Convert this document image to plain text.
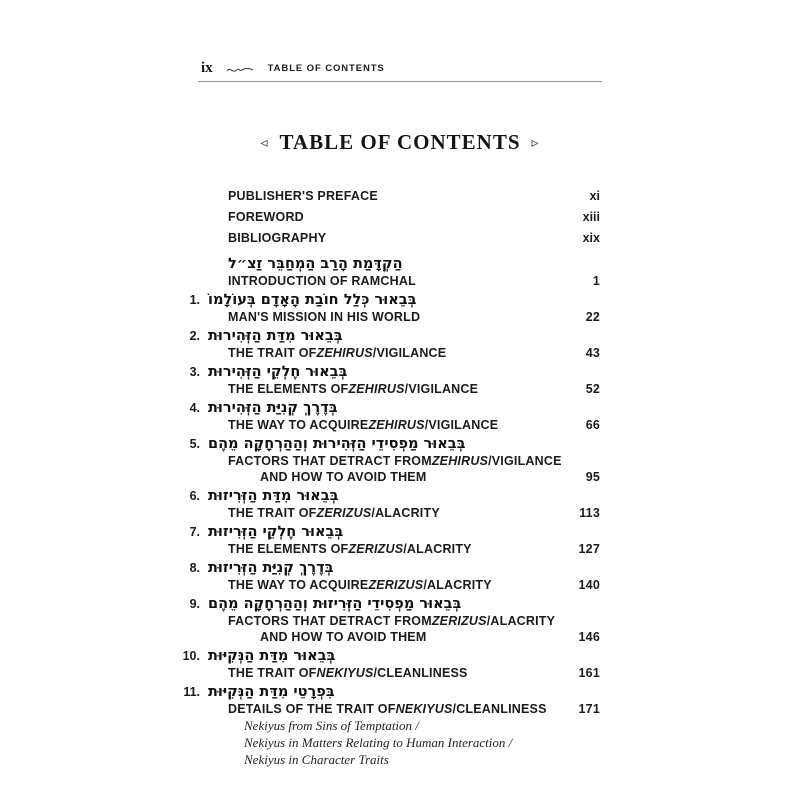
ix	TABLE OF CONTENTS
◃ TABLE OF CONTENTS ▹
PUBLISHER'S PREFACE	xi
FOREWORD	xiii
BIBLIOGRAPHY	xix
הַקְדָּמַת הָרַב הַמְחַבֵּר זַצ״ל
INTRODUCTION OF RAMCHAL	1
1. בְּבֵאוּר כְּלַל חוֹבַת הָאָדָם בְּעוֹלָמוֹ
MAN'S MISSION IN HIS WORLD	22
2. בְּבֵאוּר מִדַּת הַזְּהִירוּת
THE TRAIT OF ZEHIRUS /VIGILANCE	43
3. בְּבֵאוּר חֶלְקֵי הַזְּהִירוּת
THE ELEMENTS OF ZEHIRUS /VIGILANCE	52
4. בְּדֶרֶךְ קְנִיַּת הַזְּהִירוּת
THE WAY TO ACQUIRE ZEHIRUS /VIGILANCE	66
5. בְּבֵאוּר מַפְסִידֵי הַזְּהִירוּת וְהַהַרְחָקָה מֵהֶם
FACTORS THAT DETRACT FROM ZEHIRUS /VIGILANCE
AND HOW TO AVOID THEM	95
6. בְּבֵאוּר מִדַּת הַזְּרִיזוּת
THE TRAIT OF ZERIZUS /ALACRITY	113
7. בְּבֵאוּר חֶלְקֵי הַזְּרִיזוּת
THE ELEMENTS OF ZERIZUS /ALACRITY	127
8. בְּדֶרֶךְ קְנִיַּת הַזְּרִיזוּת
THE WAY TO ACQUIRE ZERIZUS /ALACRITY	140
9. בְּבֵאוּר מַפְסִידֵי הַזְּרִיזוּת וְהַהַרְחָקָה מֵהֶם
FACTORS THAT DETRACT FROM ZERIZUS /ALACRITY
AND HOW TO AVOID THEM	146
10. בְּבֵאוּר מִדַּת הַנְּקִיּוּת
THE TRAIT OF NEKIYUS /CLEANLINESS	161
11. בִּפְרָטֵי מִדַּת הַנְּקִיּוּת
DETAILS OF THE TRAIT OF NEKIYUS /CLEANLINESS	171
Nekiyus from Sins of Temptation /
Nekiyus in Matters Relating to Human Interaction /
Nekiyus in Character Traits
